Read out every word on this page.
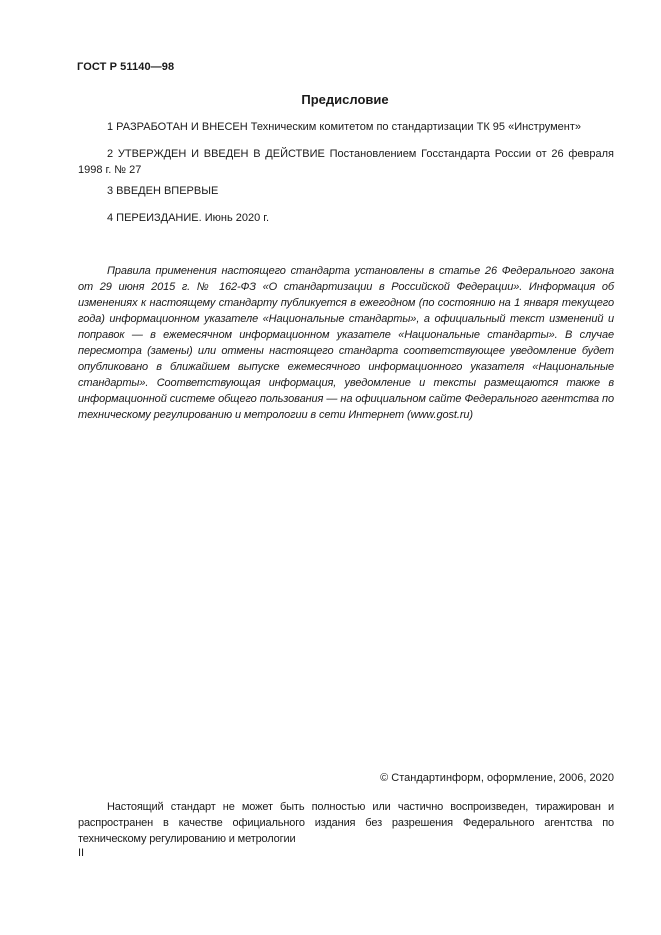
ГОСТ Р 51140—98
Предисловие
1 РАЗРАБОТАН И ВНЕСЕН Техническим комитетом по стандартизации ТК 95 «Инструмент»
2 УТВЕРЖДЕН И ВВЕДЕН В ДЕЙСТВИЕ Постановлением Госстандарта России от 26 февраля 1998 г. № 27
3 ВВЕДЕН ВПЕРВЫЕ
4 ПЕРЕИЗДАНИЕ. Июнь 2020 г.
Правила применения настоящего стандарта установлены в статье 26 Федерального закона от 29 июня 2015 г. № 162-ФЗ «О стандартизации в Российской Федерации». Информация об изменениях к настоящему стандарту публикуется в ежегодном (по состоянию на 1 января текущего года) информационном указателе «Национальные стандарты», а официальный текст изменений и поправок — в ежемесячном информационном указателе «Национальные стандарты». В случае пересмотра (замены) или отмены настоящего стандарта соответствующее уведомление будет опубликовано в ближайшем выпуске ежемесячного информационного указателя «Национальные стандарты». Соответствующая информация, уведомление и тексты размещаются также в информационной системе общего пользования — на официальном сайте Федерального агентства по техническому регулированию и метрологии в сети Интернет (www.gost.ru)
© Стандартинформ, оформление, 2006, 2020
Настоящий стандарт не может быть полностью или частично воспроизведен, тиражирован и распространен в качестве официального издания без разрешения Федерального агентства по техническому регулированию и метрологии
II
